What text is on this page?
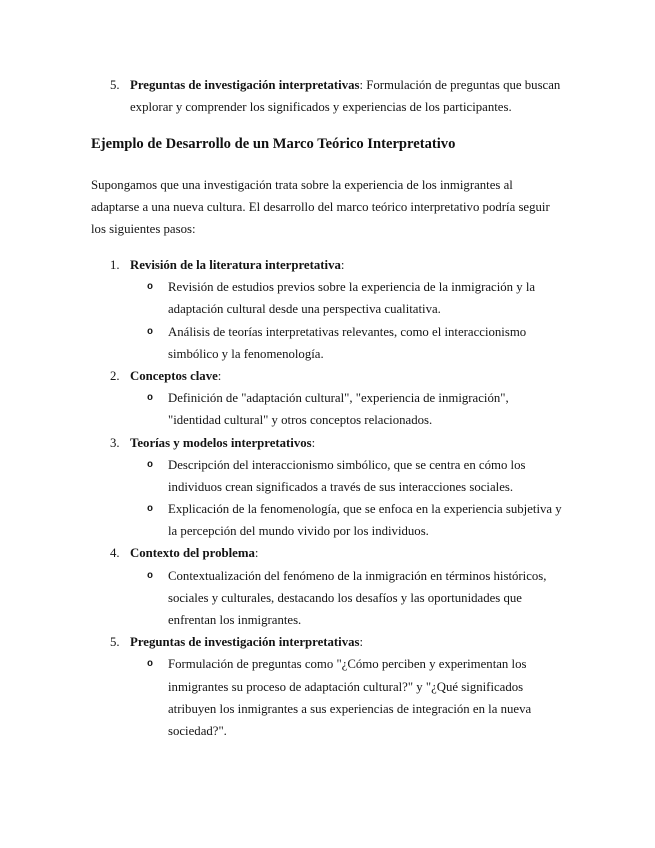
5. Preguntas de investigación interpretativas: Formulación de preguntas que buscan
explorar y comprender los significados y experiencias de los participantes.
Ejemplo de Desarrollo de un Marco Teórico Interpretativo
Supongamos que una investigación trata sobre la experiencia de los inmigrantes al
adaptarse a una nueva cultura. El desarrollo del marco teórico interpretativo podría seguir
los siguientes pasos:
1. Revisión de la literatura interpretativa:
o Revisión de estudios previos sobre la experiencia de la inmigración y la
adaptación cultural desde una perspectiva cualitativa.
o Análisis de teorías interpretativas relevantes, como el interaccionismo
simbólico y la fenomenología.
2. Conceptos clave:
o Definición de "adaptación cultural", "experiencia de inmigración",
"identidad cultural" y otros conceptos relacionados.
3. Teorías y modelos interpretativos:
o Descripción del interaccionismo simbólico, que se centra en cómo los
individuos crean significados a través de sus interacciones sociales.
o Explicación de la fenomenología, que se enfoca en la experiencia subjetiva y
la percepción del mundo vivido por los individuos.
4. Contexto del problema:
o Contextualización del fenómeno de la inmigración en términos históricos,
sociales y culturales, destacando los desafíos y las oportunidades que
enfrentan los inmigrantes.
5. Preguntas de investigación interpretativas:
o Formulación de preguntas como "¿Cómo perciben y experimentan los
inmigrantes su proceso de adaptación cultural?" y "¿Qué significados
atribuyen los inmigrantes a sus experiencias de integración en la nueva
sociedad?".
